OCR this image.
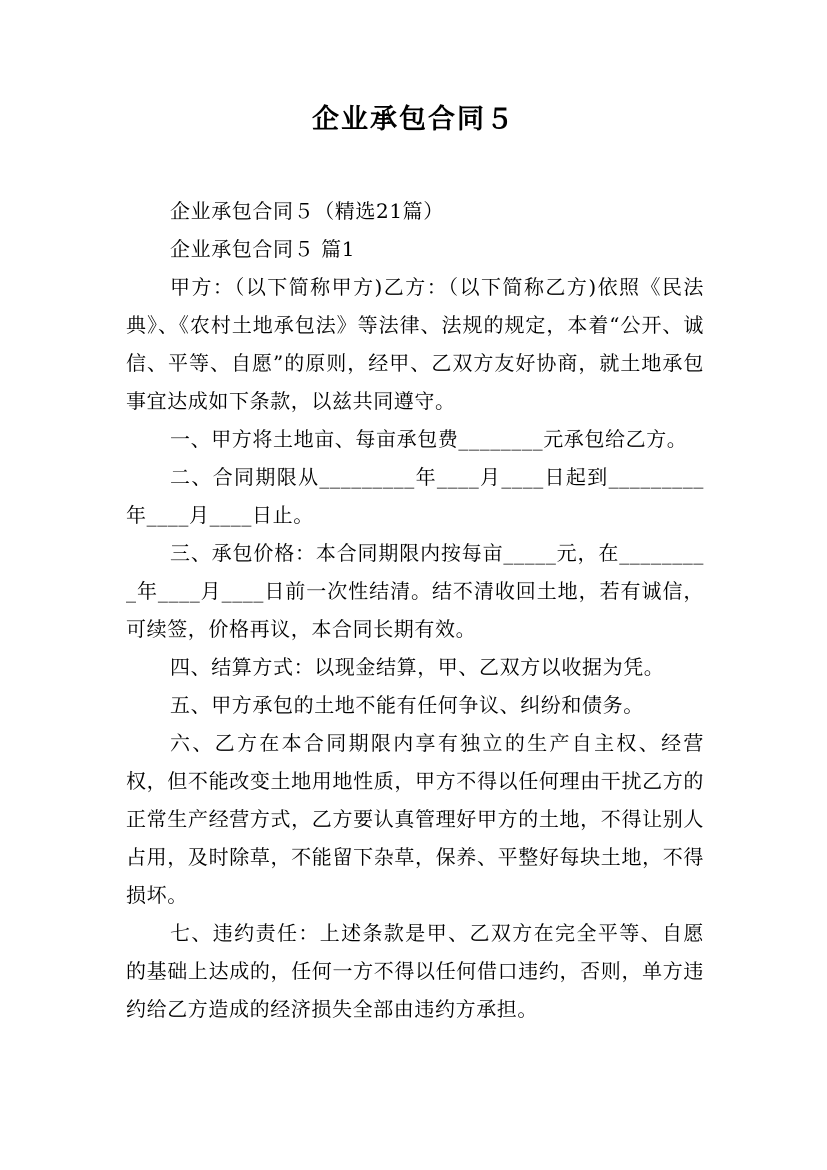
企业承包合同５

企业承包合同５（精选21篇）

企业承包合同５ 篇1

甲方：（以下简称甲方)乙方：（以下简称乙方)依照《民法典》、《农村土地承包法》等法律、法规的规定，本着“公开、诚信、平等、自愿”的原则，经甲、乙双方友好协商，就土地承包事宜达成如下条款，以兹共同遵守。

一、甲方将土地亩、每亩承包费________元承包给乙方。

二、合同期限从_________年____月____日起到_________年____月____日止。

三、承包价格：本合同期限内按每亩_____元，在_________年____月____日前一次性结清。结不清收回土地，若有诚信，可续签，价格再议，本合同长期有效。

四、结算方式：以现金结算，甲、乙双方以收据为凭。

五、甲方承包的土地不能有任何争议、纠纷和债务。

六、乙方在本合同期限内享有独立的生产自主权、经营权，但不能改变土地用地性质，甲方不得以任何理由干扰乙方的正常生产经营方式，乙方要认真管理好甲方的土地，不得让别人占用，及时除草，不能留下杂草，保养、平整好每块土地，不得损坏。

七、违约责任：上述条款是甲、乙双方在完全平等、自愿的基础上达成的，任何一方不得以任何借口违约，否则，单方违约给乙方造成的经济损失全部由违约方承担。
